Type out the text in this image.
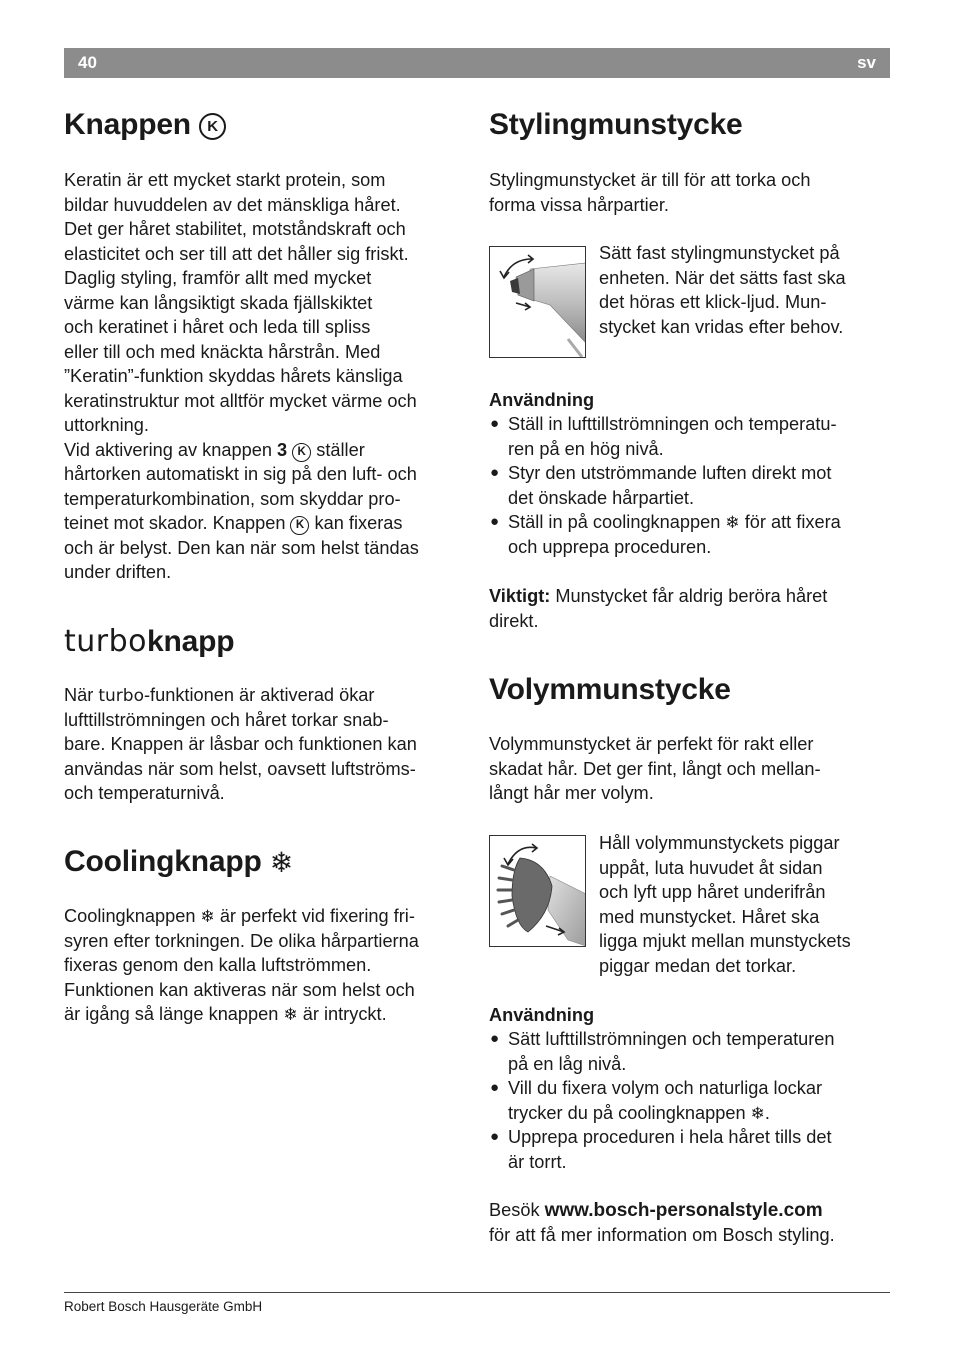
40	sv
Knappen K
Keratin är ett mycket starkt protein, som
bildar huvuddelen av det mänskliga håret.
Det ger håret stabilitet, motståndskraft och
elasticitet och ser till att det håller sig friskt.
Daglig styling, framför allt med mycket
värme kan långsiktigt skada fjällskiktet
och keratinet i håret och leda till spliss
eller till och med knäckta hårstrån. Med
”Keratin”-funktion skyddas hårets känsliga
keratinstruktur mot alltför mycket värme och
uttorkning.
Vid aktivering av knappen 3 K ställer
hårtorken automatiskt in sig på den luft- och
temperaturkombination, som skyddar pro-
teinet mot skador. Knappen K kan fixeras
och är belyst. Den kan när som helst tändas
under driften.
turboknapp
När turbo-funktionen är aktiverad ökar
lufttillströmningen och håret torkar snab-
bare. Knappen är låsbar och funktionen kan
användas när som helst, oavsett luftströms-
och temperaturnivå.
Coolingknapp ❄
Coolingknappen ❄ är perfekt vid fixering fri-
syren efter torkningen. De olika hårpartierna
fixeras genom den kalla luftströmmen.
Funktionen kan aktiveras när som helst och
är igång så länge knappen ❄ är intryckt.
Stylingmunstycke
Stylingmunstycket är till för att torka och
forma vissa hårpartier.
Sätt fast stylingmunstycket på
enheten. När det sätts fast ska
det höras ett klick-ljud. Mun-
stycket kan vridas efter behov.
Användning
● Ställ in lufttillströmningen och temperatu-
ren på en hög nivå.
● Styr den utströmmande luften direkt mot
det önskade hårpartiet.
● Ställ in på coolingknappen ❄ för att fixera
och upprepa proceduren.
Viktigt: Munstycket får aldrig beröra håret
direkt.
Volymmunstycke
Volymmunstycket är perfekt för rakt eller
skadat hår. Det ger fint, långt och mellan-
långt hår mer volym.
Håll volymmunstyckets piggar
uppåt, luta huvudet åt sidan
och lyft upp håret underifrån
med munstycket. Håret ska
ligga mjukt mellan munstyckets
piggar medan det torkar.
Användning
● Sätt lufttillströmningen och temperaturen
på en låg nivå.
● Vill du fixera volym och naturliga lockar
trycker du på coolingknappen ❄.
● Upprepa proceduren i hela håret tills det
är torrt.
Besök www.bosch-personalstyle.com
för att få mer information om Bosch styling.
Robert Bosch Hausgeräte GmbH
